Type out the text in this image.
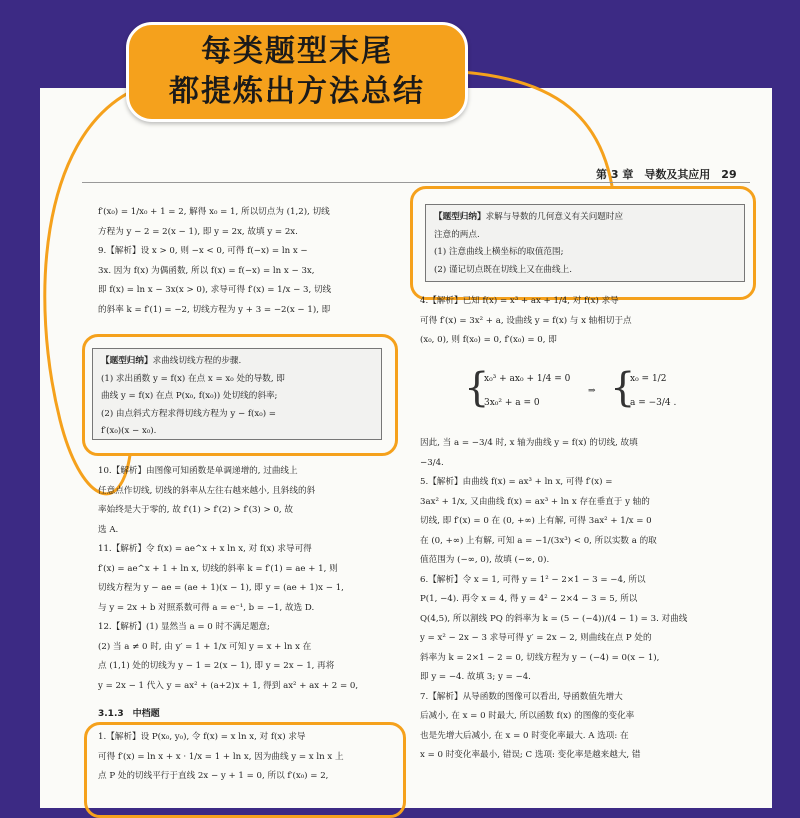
每类题型末尾
都提炼出方法总结
第 3 章　导数及其应用　29

f′(x₀) = 1/x₀ + 1 = 2, 解得 x₀ = 1, 所以切点为 (1,2), 切线

方程为 y − 2 = 2(x − 1), 即 y = 2x, 故填 y = 2x.

9.【解析】设 x > 0, 则 −x < 0, 可得 f(−x) = ln x −

3x. 因为 f(x) 为偶函数, 所以 f(x) = f(−x) = ln x − 3x,

即 f(x) = ln x − 3x(x > 0), 求导可得 f′(x) = 1/x − 3, 切线

的斜率 k = f′(1) = −2, 切线方程为 y + 3 = −2(x − 1), 即

【题型归纳】求曲线切线方程的步骤.
(1) 求出函数 y = f(x) 在点 x = x₀ 处的导数, 即
曲线 y = f(x) 在点 P(x₀, f(x₀)) 处切线的斜率;
(2) 由点斜式方程求得切线方程为 y − f(x₀) =
f′(x₀)(x − x₀).

10.【解析】由图像可知函数是单调递增的, 过曲线上

任意点作切线, 切线的斜率从左往右越来越小, 且斜线的斜

率始终是大于零的, 故 f′(1) > f′(2) > f′(3) > 0, 故

选 A.

11.【解析】令 f(x) = ae^x + x ln x, 对 f(x) 求导可得

f′(x) = ae^x + 1 + ln x, 切线的斜率 k = f′(1) = ae + 1, 则

切线方程为 y − ae = (ae + 1)(x − 1), 即 y = (ae + 1)x − 1,

与 y = 2x + b 对照系数可得 a = e⁻¹, b = −1, 故选 D.

12.【解析】(1) 显然当 a = 0 时不满足题意;

(2) 当 a ≠ 0 时, 由 y′ = 1 + 1/x 可知 y = x + ln x 在

点 (1,1) 处的切线为 y − 1 = 2(x − 1), 即 y = 2x − 1, 再将

y = 2x − 1 代入 y = ax² + (a+2)x + 1, 得到 ax² + ax + 2 = 0,

3.1.3　中档题

1.【解析】设 P(x₀, y₀), 令 f(x) = x ln x, 对 f(x) 求导

可得 f′(x) = ln x + x · 1/x = 1 + ln x, 因为曲线 y = x ln x 上

点 P 处的切线平行于直线 2x − y + 1 = 0, 所以 f′(x₀) = 2,

【题型归纳】求解与导数的几何意义有关问题时应
注意的两点.
(1) 注意曲线上横坐标的取值范围;
(2) 谨记切点既在切线上又在曲线上.

4.【解析】已知 f(x) = x³ + ax + 1/4, 对 f(x) 求导

可得 f′(x) = 3x² + a, 设曲线 y = f(x) 与 x 轴相切于点

(x₀, 0), 则 f(x₀) = 0, f′(x₀) = 0, 即

{
x₀³ + ax₀ + 1/4 = 0
3x₀² + a = 0
⇒ {
x₀ = 1/2
a = −3/4 .

因此, 当 a = −3/4 时, x 轴为曲线 y = f(x) 的切线, 故填

−3/4.

5.【解析】由曲线 f(x) = ax³ + ln x, 可得 f′(x) =

3ax² + 1/x, 又由曲线 f(x) = ax³ + ln x 存在垂直于 y 轴的

切线, 即 f′(x) = 0 在 (0, +∞) 上有解, 可得 3ax² + 1/x = 0

在 (0, +∞) 上有解, 可知 a = −1/(3x³) < 0, 所以实数 a 的取

值范围为 (−∞, 0), 故填 (−∞, 0).

6.【解析】令 x = 1, 可得 y = 1² − 2×1 − 3 = −4, 所以

P(1, −4). 再令 x = 4, 得 y = 4² − 2×4 − 3 = 5, 所以

Q(4,5), 所以割线 PQ 的斜率为 k = (5 − (−4))/(4 − 1) = 3. 对曲线

y = x² − 2x − 3 求导可得 y′ = 2x − 2, 则曲线在点 P 处的

斜率为 k = 2×1 − 2 = 0, 切线方程为 y − (−4) = 0(x − 1),

即 y = −4. 故填 3; y = −4.

7.【解析】从导函数的图像可以看出, 导函数值先增大

后减小, 在 x = 0 时最大, 所以函数 f(x) 的图像的变化率

也是先增大后减小, 在 x = 0 时变化率最大. A 选项: 在

x = 0 时变化率最小, 错误; C 选项: 变化率是越来越大, 错
